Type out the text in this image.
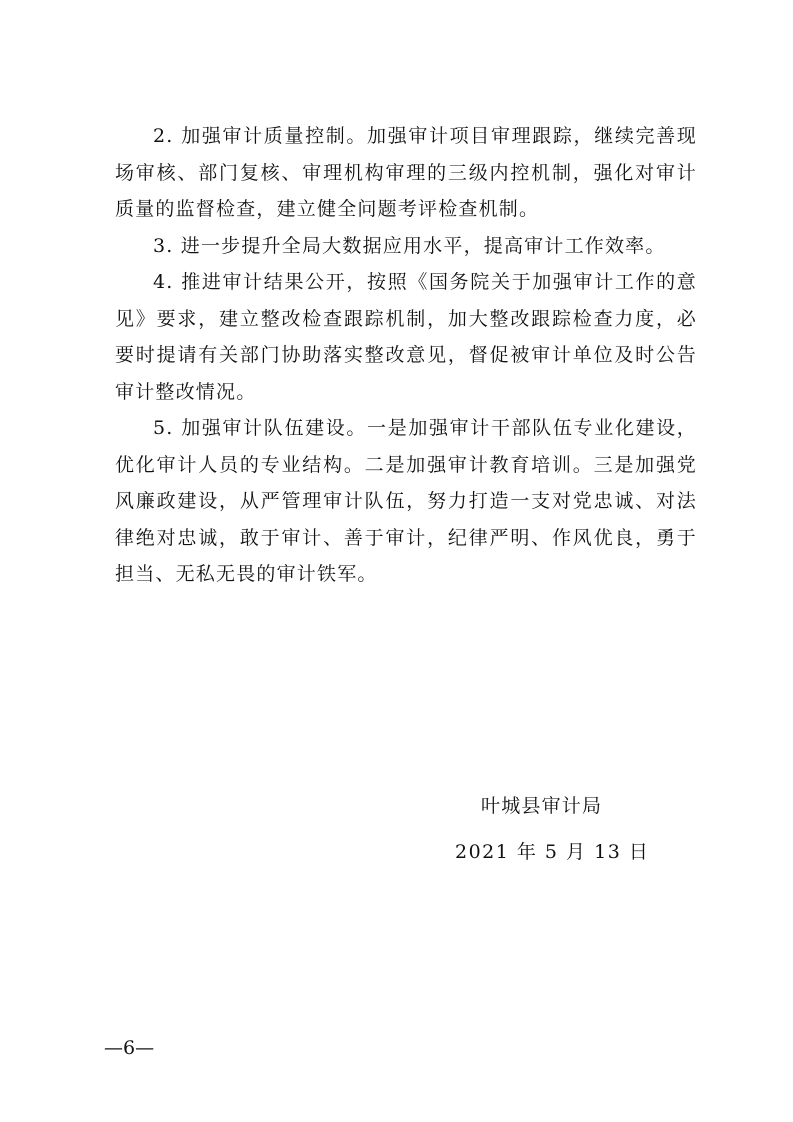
2. 加强审计质量控制。加强审计项目审理跟踪，继续完善现场审核、部门复核、审理机构审理的三级内控机制，强化对审计质量的监督检查，建立健全问题考评检查机制。

3. 进一步提升全局大数据应用水平，提高审计工作效率。

4. 推进审计结果公开，按照《国务院关于加强审计工作的意见》要求，建立整改检查跟踪机制，加大整改跟踪检查力度，必要时提请有关部门协助落实整改意见，督促被审计单位及时公告审计整改情况。

5. 加强审计队伍建设。一是加强审计干部队伍专业化建设，优化审计人员的专业结构。二是加强审计教育培训。三是加强党风廉政建设，从严管理审计队伍，努力打造一支对党忠诚、对法律绝对忠诚，敢于审计、善于审计，纪律严明、作风优良，勇于担当、无私无畏的审计铁军。

叶城县审计局
2021 年 5 月 13 日
—6—
